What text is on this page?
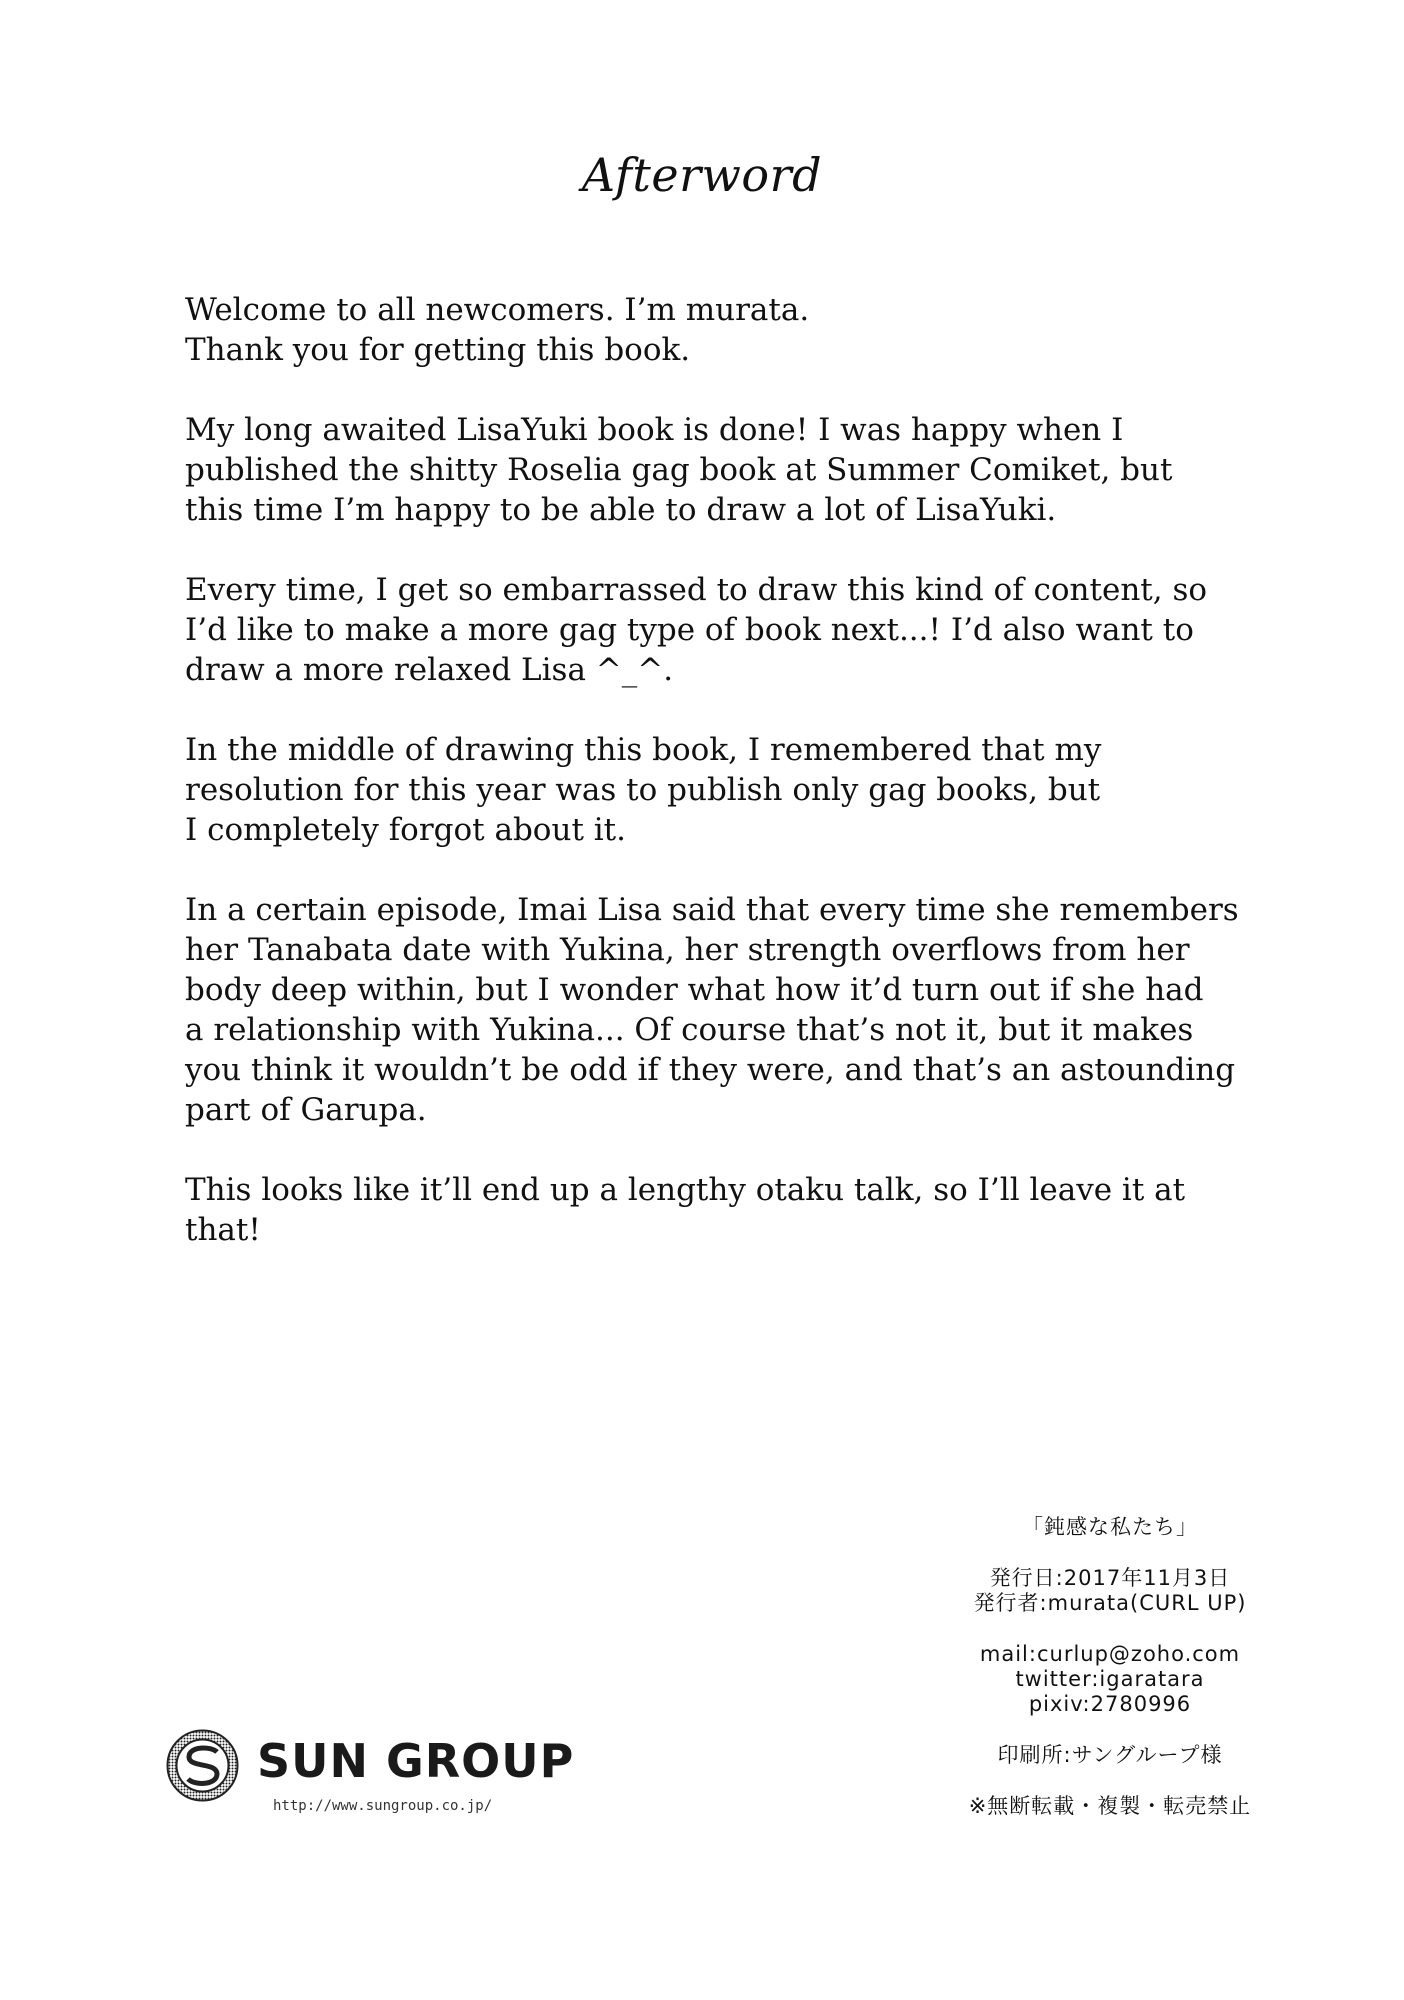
Afterword

Welcome to all newcomers. I’m murata.
Thank you for getting this book.

My long awaited LisaYuki book is done! I was happy when I
published the shitty Roselia gag book at Summer Comiket, but
this time I’m happy to be able to draw a lot of LisaYuki.

Every time, I get so embarrassed to draw this kind of content, so
I’d like to make a more gag type of book next...! I’d also want to
draw a more relaxed Lisa ^_^.

In the middle of drawing this book, I remembered that my
resolution for this year was to publish only gag books, but
I completely forgot about it.

In a certain episode, Imai Lisa said that every time she remembers
her Tanabata date with Yukina, her strength overflows from her
body deep within, but I wonder what how it’d turn out if she had
a relationship with Yukina... Of course that’s not it, but it makes
you think it wouldn’t be odd if they were, and that’s an astounding
part of Garupa.

This looks like it’ll end up a lengthy otaku talk, so I’ll leave it at that!

「鈍感な私たち」
発行日:2017年11月3日
発行者:murata(CURL UP)
mail:curlup@zoho.com
twitter:igaratara
pixiv:2780996
印刷所:サングループ様
※無断転載・複製・転売禁止
SUN GROUP
http://www.sungroup.co.jp/
